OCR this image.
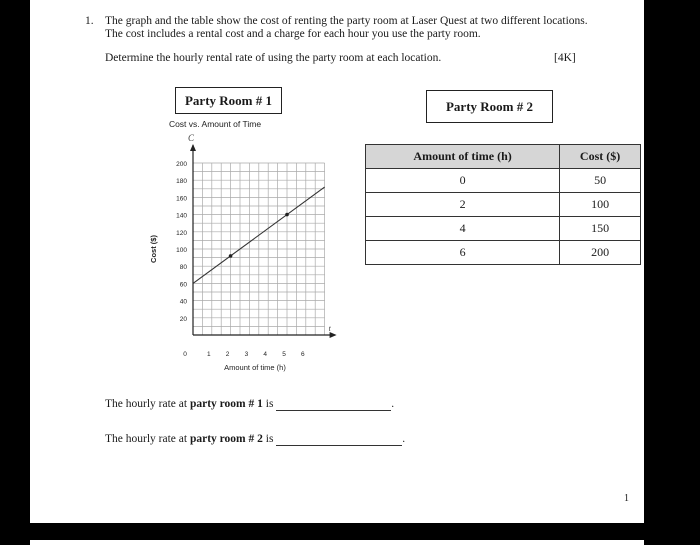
1. The graph and the table show the cost of renting the party room at Laser Quest at two different locations.
The cost includes a rental cost and a charge for each hour you use the party room.
Determine the hourly rental rate of using the party room at each location.	[4K]
Party Room # 1	Party Room # 2
Cost vs. Amount of Time
C
t
20
40
60
80
100
120
140
160
180
200
0	1 2 3 4 5 6
Amount of time (h)
Cost ($)
Amount of time (h)	Cost ($)
0	50
2	100
4	150
6	200
The hourly rate at party room # 1 is	.
The hourly rate at party room # 2 is	.
1
